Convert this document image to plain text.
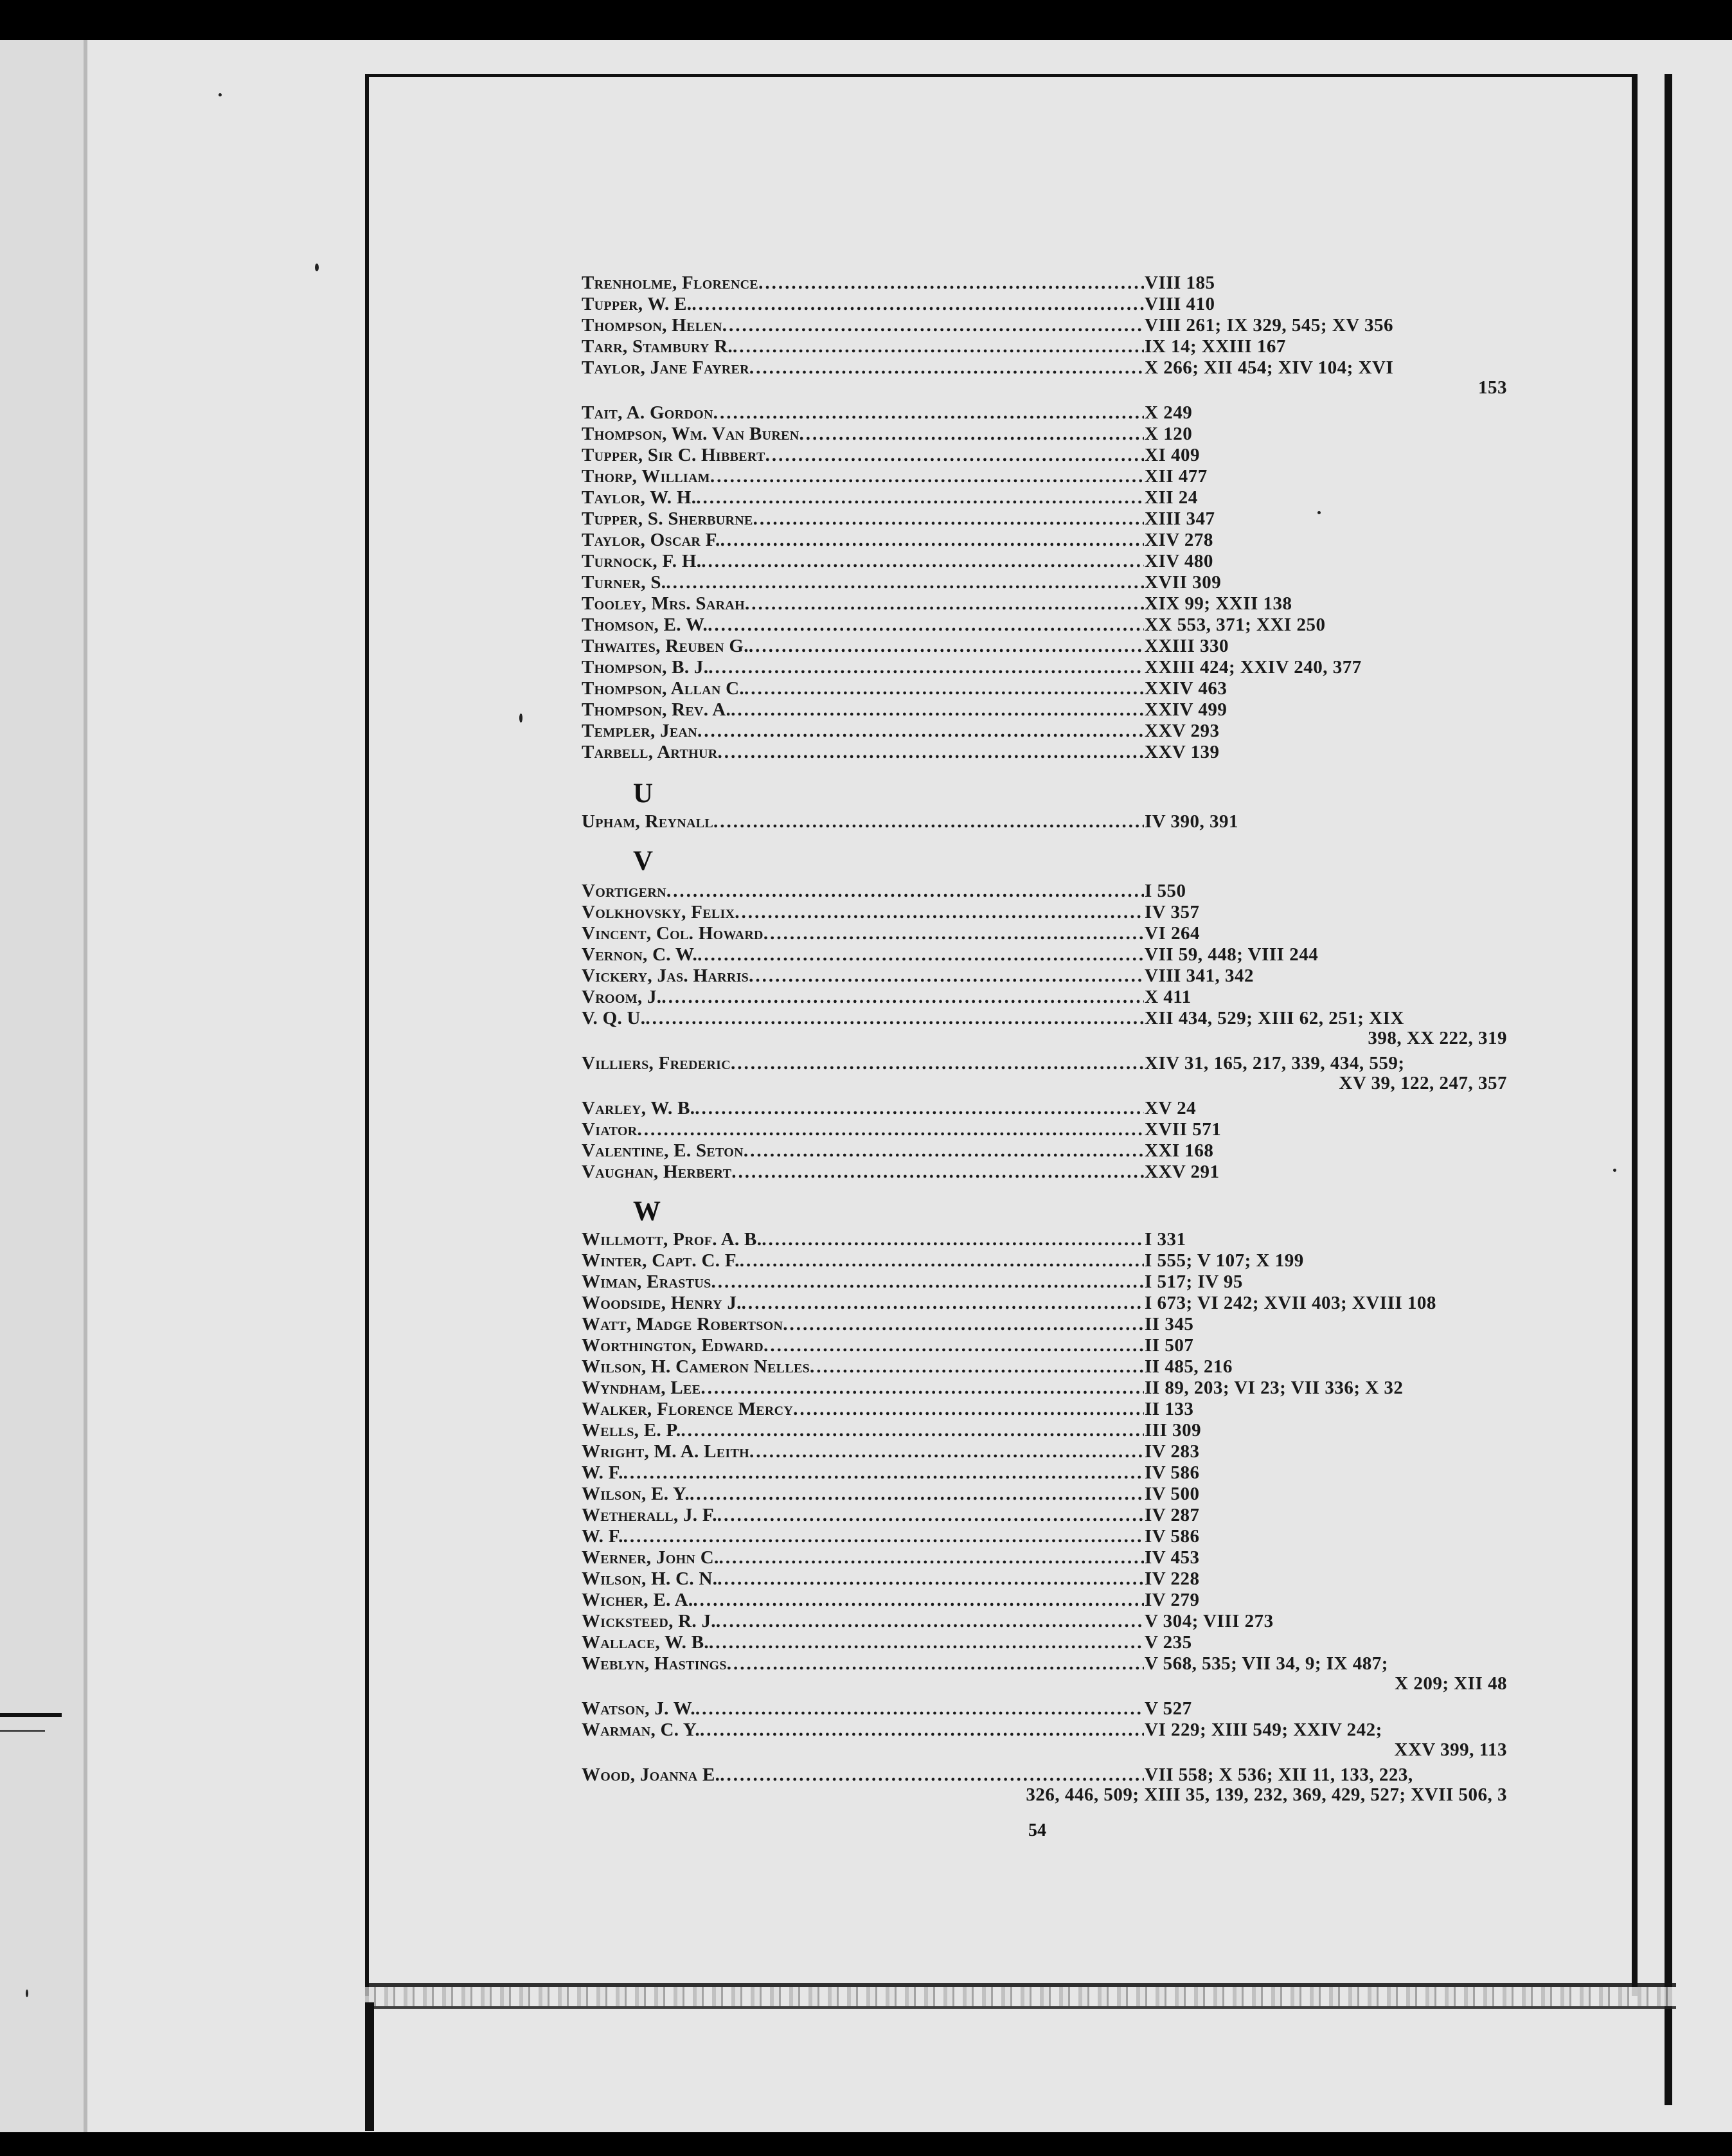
Trenholme, Florence .....	VIII 185
Tupper, W. E. .....	VIII 410
Thompson, Helen .....	VIII 261; IX 329, 545; XV 356
Tarr, Stambury R. .....	IX 14; XXIII 167
Taylor, Jane Fayrer .....	X 266; XII 454; XIV 104; XVI
153
Tait, A. Gordon .....	X 249
Thompson, Wm. Van Buren .....	X 120
Tupper, Sir C. Hibbert .....	XI 409
Thorp, William .....	XII 477
Taylor, W. H. .....	XII 24
Tupper, S. Sherburne .....	XIII 347
Taylor, Oscar F. .....	XIV 278
Turnock, F. H. .....	XIV 480
Turner, S. .....	XVII 309
Tooley, Mrs. Sarah .....	XIX 99; XXII 138
Thomson, E. W. .....	XX 553, 371; XXI 250
Thwaites, Reuben G. .....	XXIII 330
Thompson, B. J. .....	XXIII 424; XXIV 240, 377
Thompson, Allan C. .....	XXIV 463
Thompson, Rev. A. .....	XXIV 499
Templer, Jean .....	XXV 293
Tarbell, Arthur .....	XXV 139
U
Upham, Reynall .....	IV 390, 391
V
Vortigern .....	I 550
Volkhovsky, Felix .....	IV 357
Vincent, Col. Howard .....	VI 264
Vernon, C. W. .....	VII 59, 448; VIII 244
Vickery, Jas. Harris .....	VIII 341, 342
Vroom, J. .....	X 411
V. Q. U. .....	XII 434, 529; XIII 62, 251; XIX
398, XX 222, 319
Villiers, Frederic .....	XIV 31, 165, 217, 339, 434, 559;
XV 39, 122, 247, 357
Varley, W. B. .....	XV 24
Viator .....	XVII 571
Valentine, E. Seton .....	XXI 168
Vaughan, Herbert .....	XXV 291
W
Willmott, Prof. A. B. .....	I 331
Winter, Capt. C. F. .....	I 555; V 107; X 199
Wiman, Erastus .....	I 517; IV 95
Woodside, Henry J. .....	I 673; VI 242; XVII 403; XVIII 108
Watt, Madge Robertson .....	II 345
Worthington, Edward .....	II 507
Wilson, H. Cameron Nelles .....	II 485, 216
Wyndham, Lee .....	II 89, 203; VI 23; VII 336; X 32
Walker, Florence Mercy .....	II 133
Wells, E. P. .....	III 309
Wright, M. A. Leith .....	IV 283
W. F. .....	IV 586
Wilson, E. Y. .....	IV 500
Wetherall, J. F. .....	IV 287
W. F. .....	IV 586
Werner, John C. .....	IV 453
Wilson, H. C. N. .....	IV 228
Wicher, E. A. .....	IV 279
Wicksteed, R. J. .....	V 304; VIII 273
Wallace, W. B. .....	V 235
Weblyn, Hastings .....	V 568, 535; VII 34, 9; IX 487;
X 209; XII 48
Watson, J. W. .....	V 527
Warman, C. Y. .....	VI 229; XIII 549; XXIV 242;
XXV 399, 113
Wood, Joanna E. .....	VII 558; X 536; XII 11, 133, 223,
326, 446, 509; XIII 35, 139, 232, 369, 429, 527; XVII 506, 3
54
